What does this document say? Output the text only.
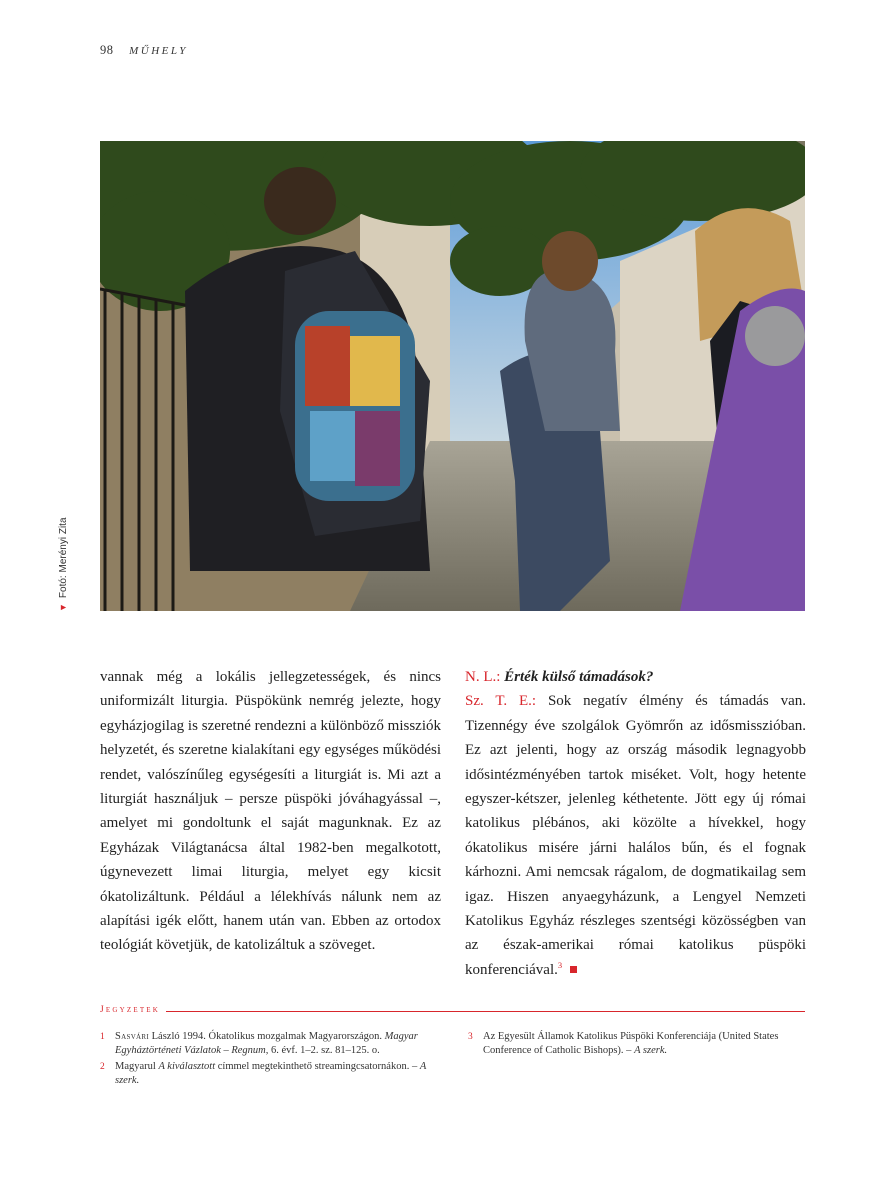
98 MŰHELY
▼Fotó: Merényi Zita

vannak még a lokális jellegzetességek, és nincs uniformizált liturgia. Püspökünk nemrég jelezte, hogy egyházjogilag is szeretné rendezni a különböző missziók helyzetét, és szeretne kialakítani egy egységes működési rendet, valószínűleg egységesíti a liturgiát is. Mi azt a liturgiát használjuk – persze püspöki jóváhagyással –, amelyet mi gondoltunk el saját magunknak. Ez az Egyházak Világtanácsa által 1982-ben megalkotott, úgynevezett limai liturgia, melyet egy kicsit ókatolizáltunk. Például a lélekhívás nálunk nem az alapítási igék előtt, hanem után van. Ebben az ortodox teológiát követjük, de katolizáltuk a szöveget.

N. L.: Érték külső támadások?

Sz. T. E.: Sok negatív élmény és támadás van. Tizennégy éve szolgálok Gyömrőn az idősmisszióban. Ez azt jelenti, hogy az ország második legnagyobb idősintézményében tartok miséket. Volt, hogy hetente egyszer-kétszer, jelenleg kéthetente. Jött egy új római katolikus plébános, aki közölte a hívekkel, hogy ókatolikus misére járni halálos bűn, és el fognak kárhozni. Ami nemcsak rágalom, de dogmatikailag sem igaz. Hiszen anyaegyházunk, a Lengyel Nemzeti Katolikus Egyház részleges szentségi közösségben van az észak-amerikai római katolikus püspöki konferenciával.$^3$

Jegyzetek
1 Sasvári László 1994. Ókatolikus mozgalmak Magyarországon. Magyar Egyháztörténeti Vázlatok – Regnum, 6. évf. 1–2. sz. 81–125. o.
2 Magyarul A kiválasztott címmel megtekinthető streamingcsatornákon. – A szerk.
3 Az Egyesült Államok Katolikus Püspöki Konferenciája (United States Conference of Catholic Bishops). – A szerk.
